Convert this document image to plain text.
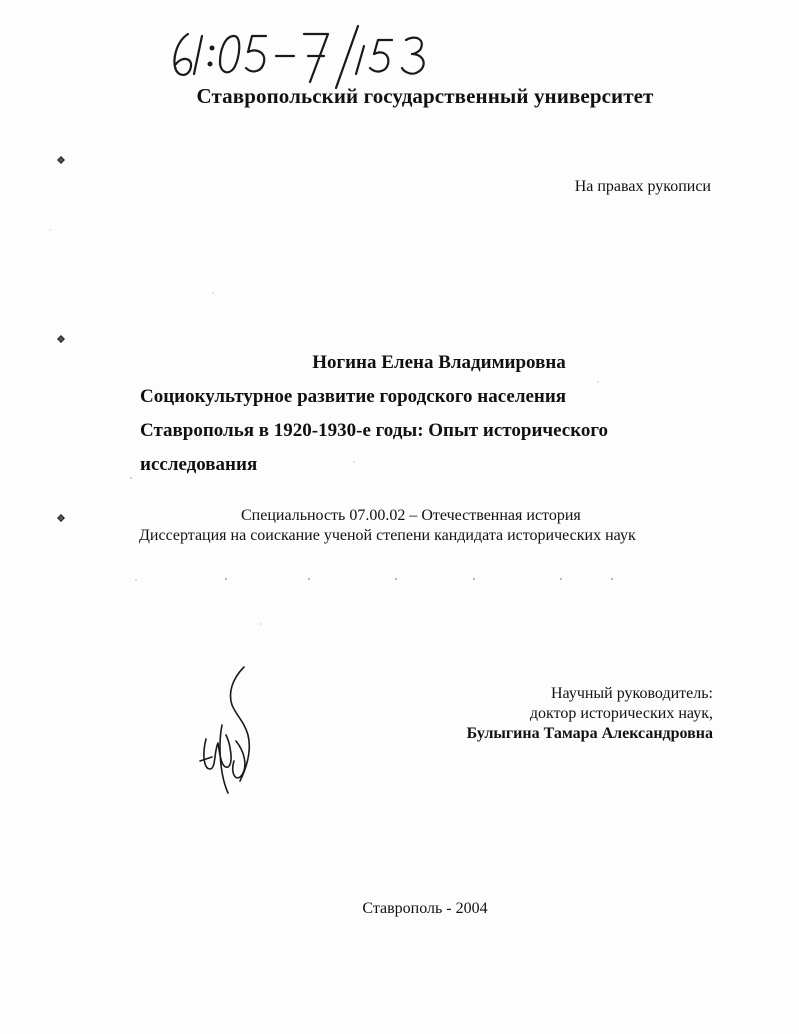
Ставропольский государственный университет
На правах рукописи
Ногина Елена Владимировна
Социокультурное развитие городского населения
Ставрополья в 1920-1930-е годы: Опыт исторического
исследования
Специальность 07.00.02 – Отечественная история
Диссертация на соискание ученой степени кандидата исторических наук
Научный руководитель:
доктор исторических наук,
Булыгина Тамара Александровна
Ставрополь - 2004
